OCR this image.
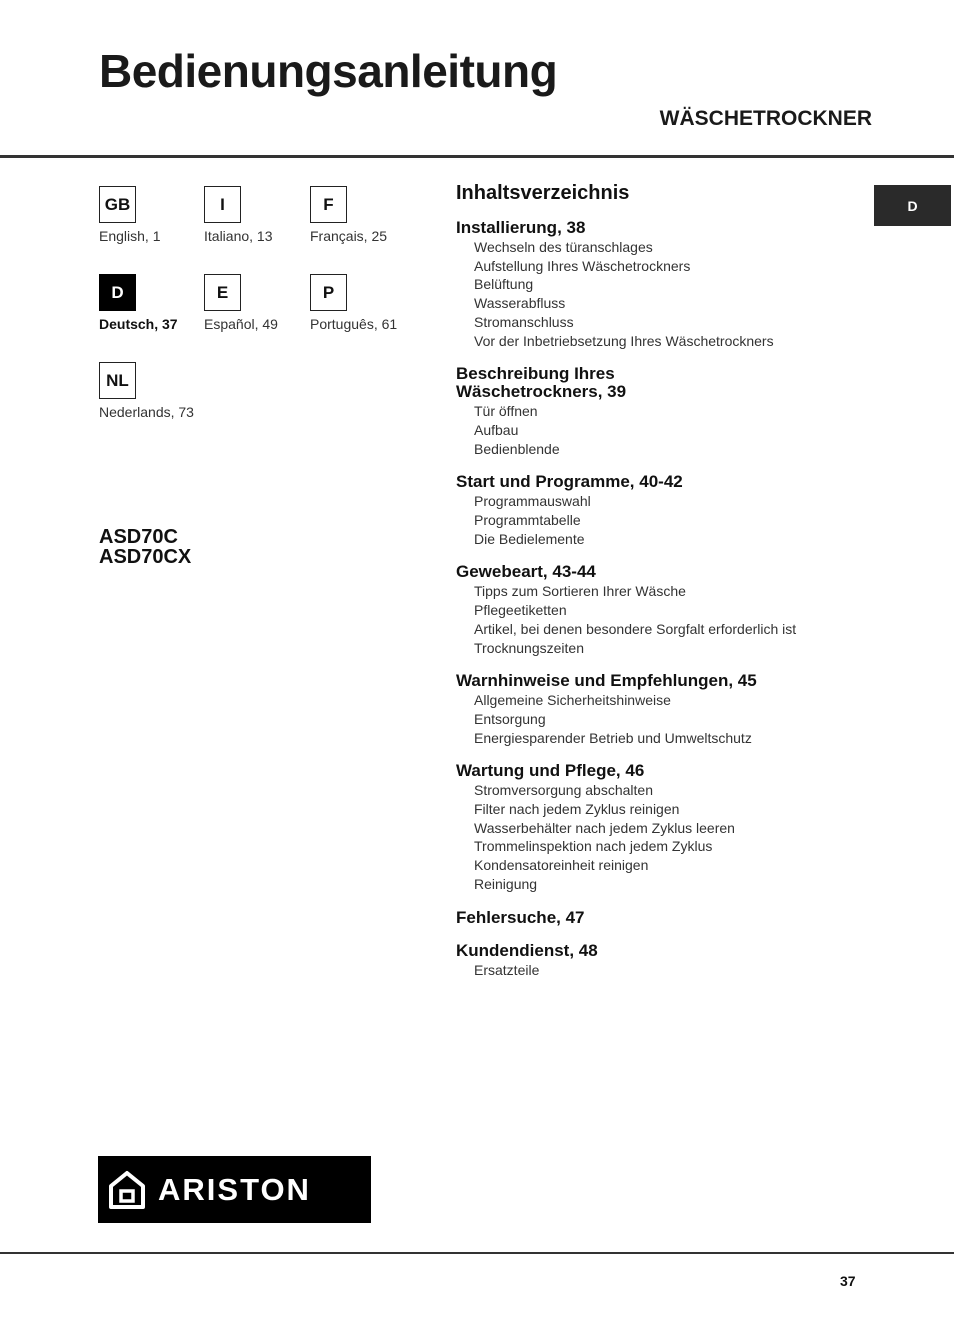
Bedienungsanleitung
WÄSCHETROCKNER
GB
English, 1
I
Italiano, 13
F
Français, 25
D
Deutsch, 37
E
Español, 49
P
Português, 61
NL
Nederlands, 73
ASD70C
ASD70CX
Inhaltsverzeichnis
Installierung, 38
Wechseln des türanschlages
Aufstellung Ihres Wäschetrockners
Belüftung
Wasserabfluss
Stromanschluss
Vor der Inbetriebsetzung Ihres Wäschetrockners
Beschreibung Ihres
Wäschetrockners, 39
Tür öffnen
Aufbau
Bedienblende
Start und Programme, 40-42
Programmauswahl
Programmtabelle
Die Bedielemente
Gewebeart, 43-44
Tipps zum Sortieren Ihrer Wäsche
Pflegeetiketten
Artikel, bei denen besondere Sorgfalt erforderlich ist
Trocknungszeiten
Warnhinweise und Empfehlungen, 45
Allgemeine Sicherheitshinweise
Entsorgung
Energiesparender Betrieb und Umweltschutz
Wartung und Pflege, 46
Stromversorgung abschalten
Filter nach jedem Zyklus reinigen
Wasserbehälter nach jedem Zyklus leeren
Trommelinspektion nach jedem Zyklus
Kondensatoreinheit reinigen
Reinigung
Fehlersuche, 47
Kundendienst, 48
Ersatzteile
D
ARISTON
37
